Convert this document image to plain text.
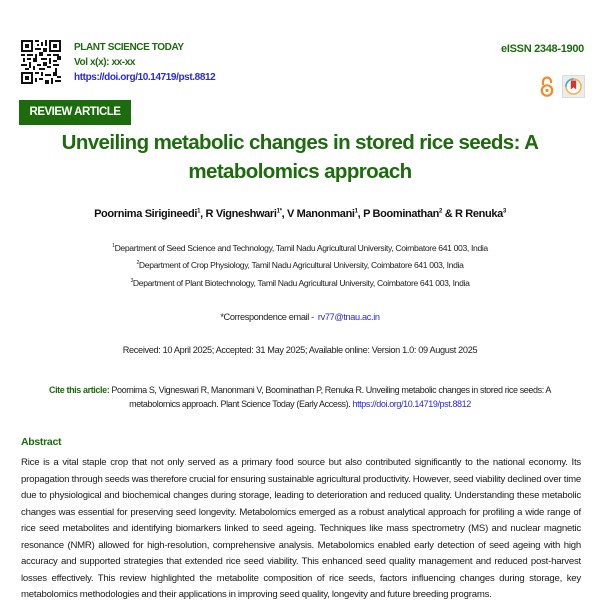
PLANT SCIENCE TODAY
Vol x(x): xx-xx
https://doi.org/10.14719/pst.8812
eISSN 2348-1900
REVIEW ARTICLE
Unveiling metabolic changes in stored rice seeds: A metabolomics approach
Poornima Sirigineedi$^1$, R Vigneshwari$^{1*}$, V Manonmani$^1$, P Boominathan$^2$ & R Renuka$^3$
$^1$Department of Seed Science and Technology, Tamil Nadu Agricultural University, Coimbatore 641 003, India
$^2$Department of Crop Physiology, Tamil Nadu Agricultural University, Coimbatore 641 003, India
$^3$Department of Plant Biotechnology, Tamil Nadu Agricultural University, Coimbatore 641 003, India
*Correspondence email - rv77@tnau.ac.in
Received: 10 April 2025; Accepted: 31 May 2025; Available online: Version 1.0: 09 August 2025
Cite this article: Poornima S, Vigneswari R, Manonmani V, Boominathan P, Renuka R. Unveiling metabolic changes in stored rice seeds: A metabolomics approach. Plant Science Today (Early Access). https://doi.org/10.14719/pst.8812
Abstract
Rice is a vital staple crop that not only served as a primary food source but also contributed significantly to the national economy. Its propagation through seeds was therefore crucial for ensuring sustainable agricultural productivity. However, seed viability declined over time due to physiological and biochemical changes during storage, leading to deterioration and reduced quality. Understanding these metabolic changes was essential for preserving seed longevity. Metabolomics emerged as a robust analytical approach for profiling a wide range of rice seed metabolites and identifying biomarkers linked to seed ageing. Techniques like mass spectrometry (MS) and nuclear magnetic resonance (NMR) allowed for high-resolution, comprehensive analysis. Metabolomics enabled early detection of seed ageing with high accuracy and supported strategies that extended rice seed viability. This enhanced seed quality management and reduced post-harvest losses effectively. This review highlighted the metabolite composition of rice seeds, factors influencing changes during storage, key metabolomics methodologies and their applications in improving seed quality, longevity and future breeding programs.
